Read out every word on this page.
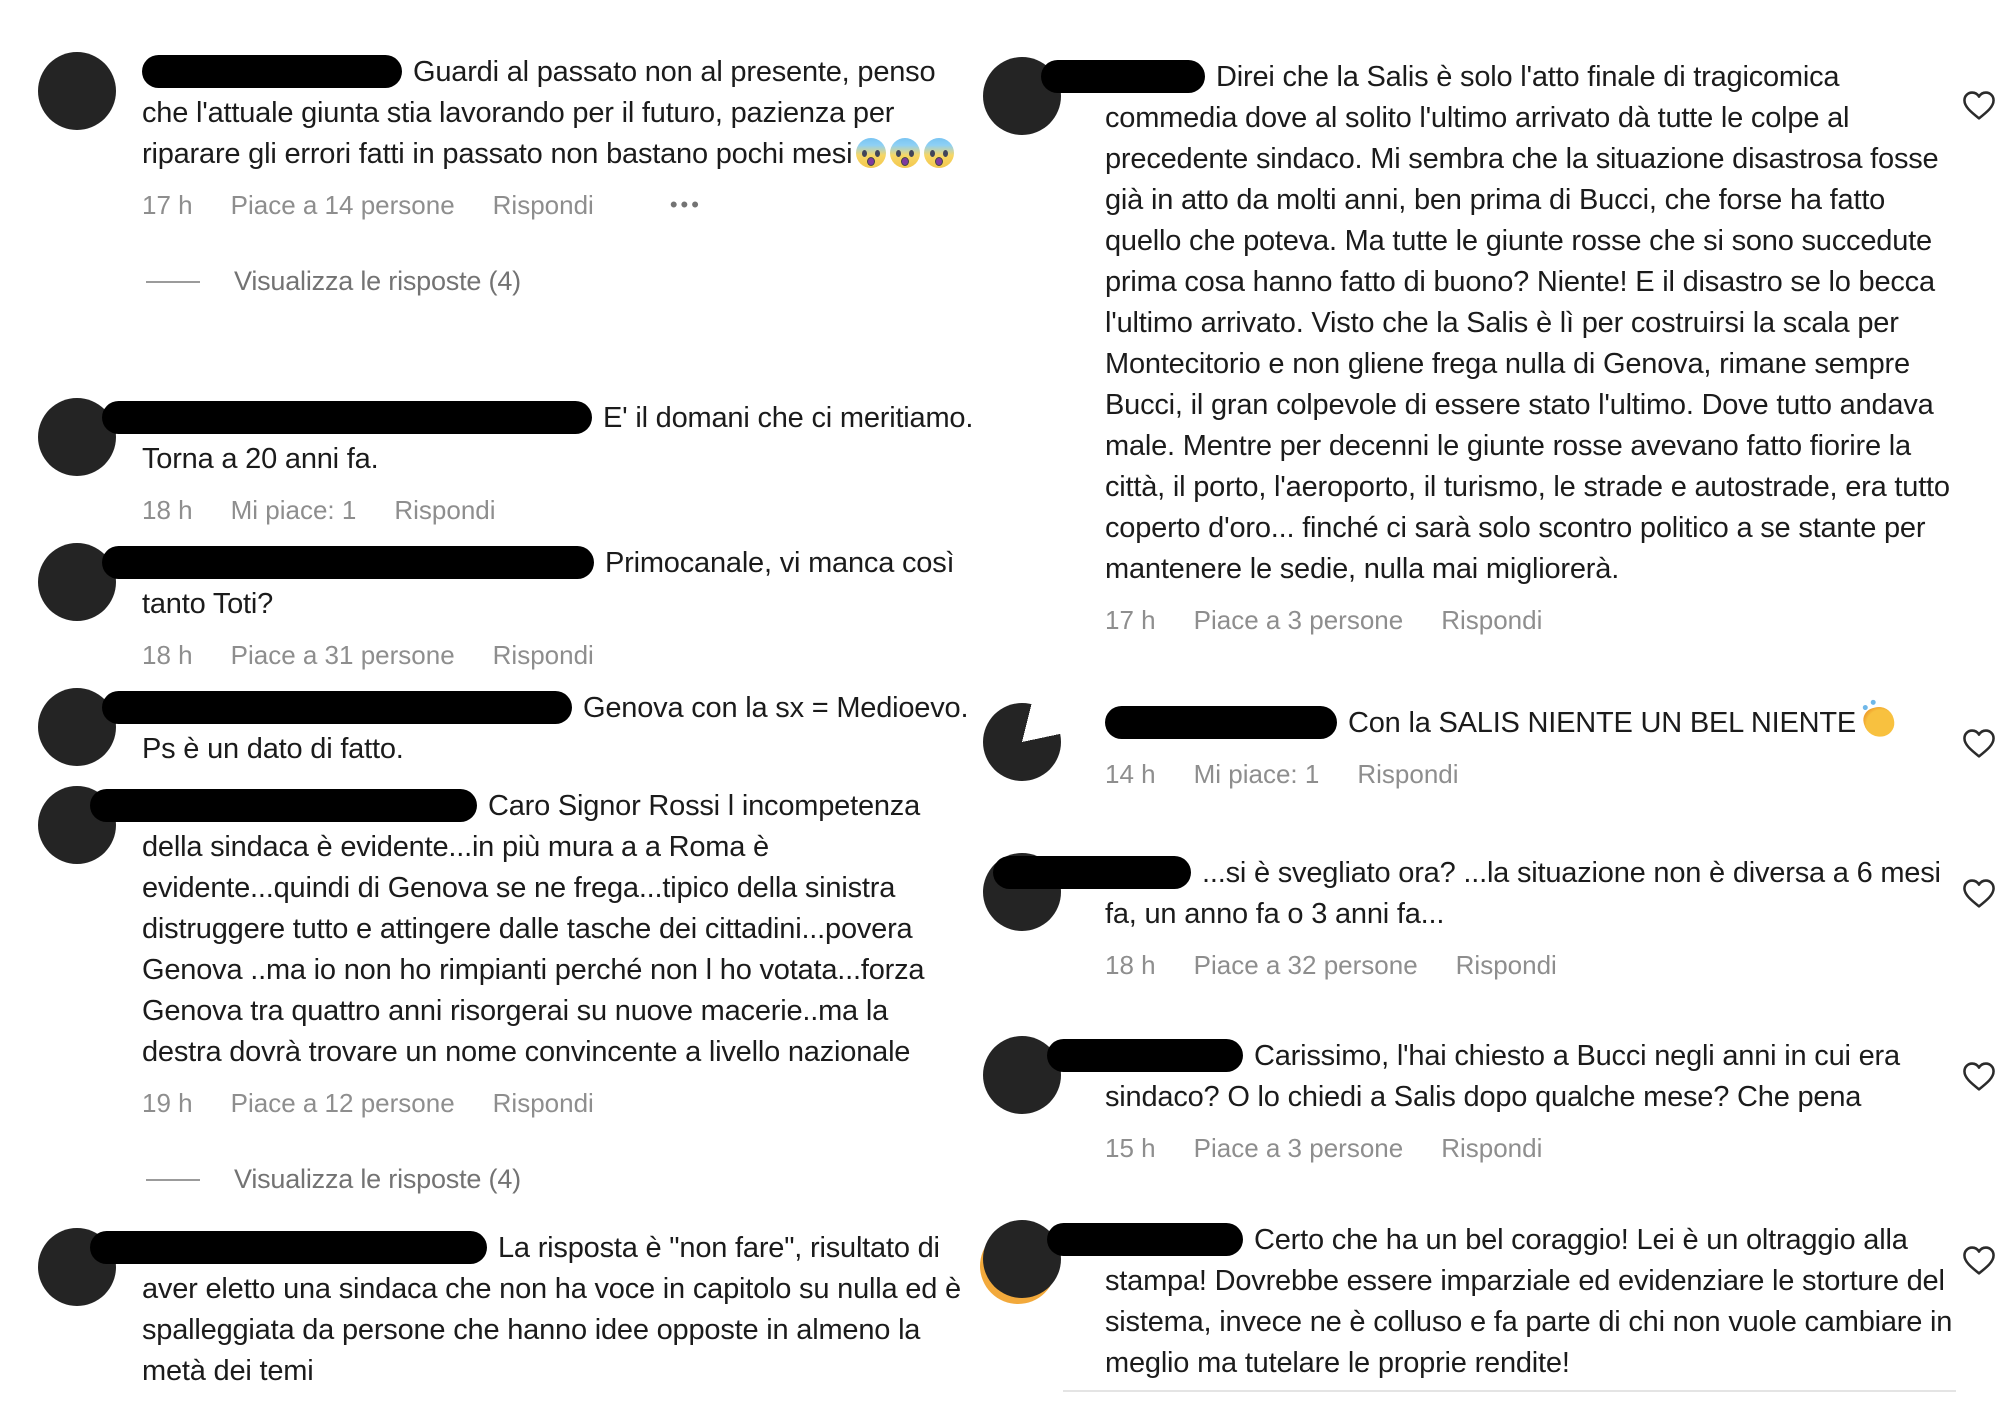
Guardi al passato non al presente, penso che l'attuale giunta stia lavorando per il futuro, pazienza per riparare gli errori fatti in passato non bastano pochi mesi
17 h Piace a 14 persone Rispondi	•••
Visualizza le risposte (4)
E' il domani che ci meritiamo. Torna a 20 anni fa.
18 h Mi piace: 1 Rispondi
Primocanale, vi manca così tanto Toti?
18 h Piace a 31 persone Rispondi
Genova con la sx = Medioevo. Ps è un dato di fatto.
Caro Signor Rossi l incompetenza della sindaca è evidente...in più mura a a Roma è evidente...quindi di Genova se ne frega...tipico della sinistra distruggere tutto e attingere dalle tasche dei cittadini...povera Genova ..ma io non ho rimpianti perché non l ho votata...forza Genova tra quattro anni risorgerai su nuove macerie..ma la destra dovrà trovare un nome convincente a livello nazionale
19 h Piace a 12 persone Rispondi
Visualizza le risposte (4)
La risposta è "non fare", risultato di aver eletto una sindaca che non ha voce in capitolo su nulla ed è spalleggiata da persone che hanno idee opposte in almeno la metà dei temi
Direi che la Salis è solo l'atto finale di tragicomica commedia dove al solito l'ultimo arrivato dà tutte le colpe al precedente sindaco. Mi sembra che la situazione disastrosa fosse già in atto da molti anni, ben prima di Bucci, che forse ha fatto quello che poteva. Ma tutte le giunte rosse che si sono succedute prima cosa hanno fatto di buono? Niente! E il disastro se lo becca l'ultimo arrivato. Visto che la Salis è lì per costruirsi la scala per Montecitorio e non gliene frega nulla di Genova, rimane sempre Bucci, il gran colpevole di essere stato l'ultimo. Dove tutto andava male. Mentre per decenni le giunte rosse avevano fatto fiorire la città, il porto, l'aeroporto, il turismo, le strade e autostrade, era tutto coperto d'oro... finché ci sarà solo scontro politico a se stante per mantenere le sedie, nulla mai migliorerà.
17 h Piace a 3 persone Rispondi
Con la SALIS NIENTE UN BEL NIENTE
14 h Mi piace: 1 Rispondi
...si è svegliato ora? ...la situazione non è diversa a 6 mesi fa, un anno fa o 3 anni fa...
18 h Piace a 32 persone Rispondi
Carissimo, l'hai chiesto a Bucci negli anni in cui era sindaco? O lo chiedi a Salis dopo qualche mese? Che pena
15 h Piace a 3 persone Rispondi
Certo che ha un bel coraggio! Lei è un oltraggio alla stampa! Dovrebbe essere imparziale ed evidenziare le storture del sistema, invece ne è colluso e fa parte di chi non vuole cambiare in meglio ma tutelare le proprie rendite!
